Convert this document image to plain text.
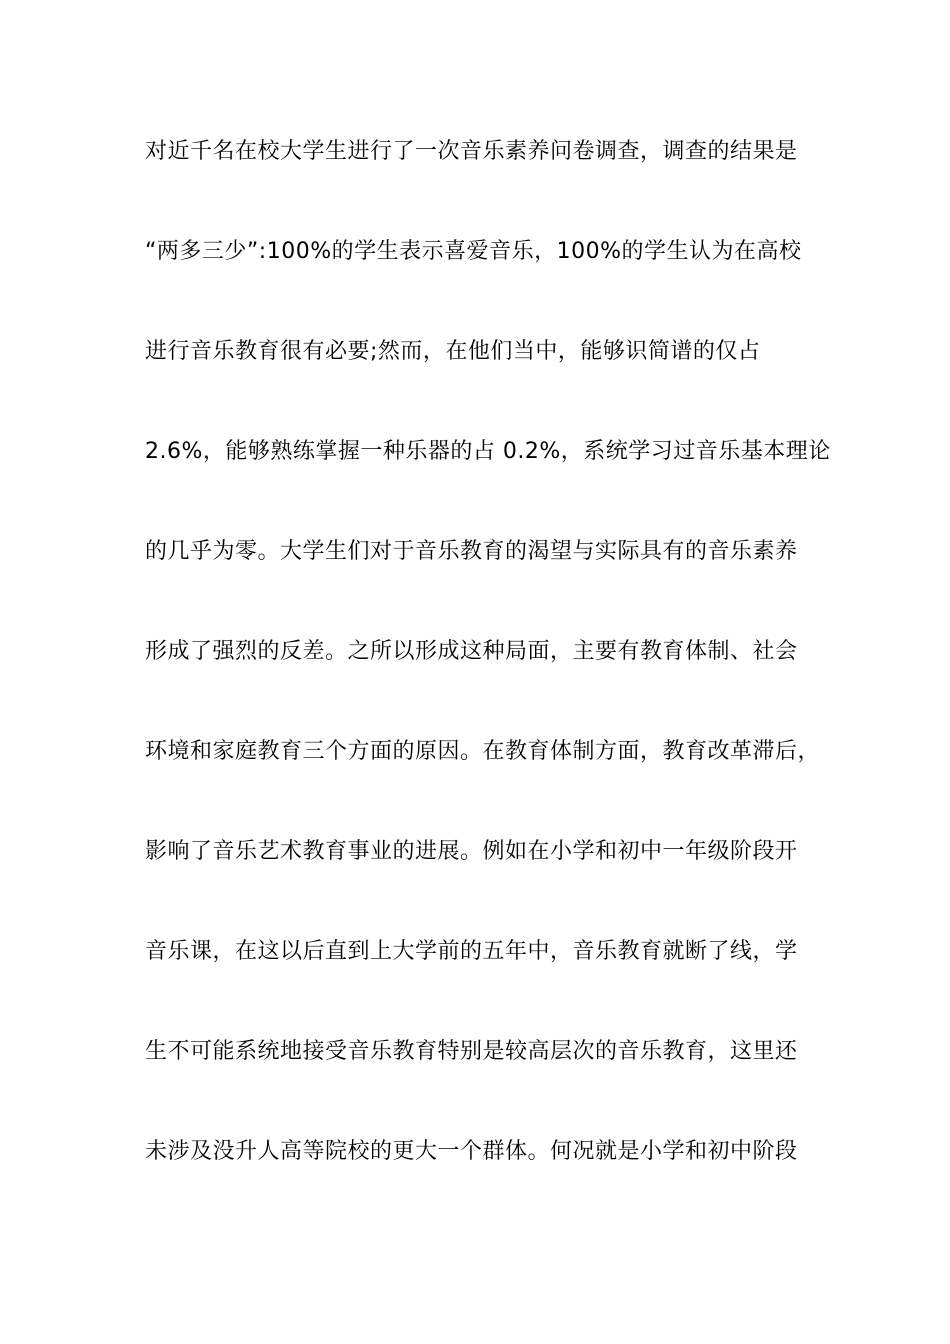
对近千名在校大学生进行了一次音乐素养问卷调查，调查的结果是
“两多三少”:100%的学生表示喜爱音乐，100%的学生认为在高校
进行音乐教育很有必要;然而，在他们当中，能够识简谱的仅占
2.6%，能够熟练掌握一种乐器的占 0.2%，系统学习过音乐基本理论
的几乎为零。大学生们对于音乐教育的渴望与实际具有的音乐素养
形成了强烈的反差。之所以形成这种局面，主要有教育体制、社会
环境和家庭教育三个方面的原因。在教育体制方面，教育改革滞后，
影响了音乐艺术教育事业的进展。例如在小学和初中一年级阶段开
音乐课，在这以后直到上大学前的五年中，音乐教育就断了线，学
生不可能系统地接受音乐教育特别是较高层次的音乐教育，这里还
未涉及没升人高等院校的更大一个群体。何况就是小学和初中阶段
